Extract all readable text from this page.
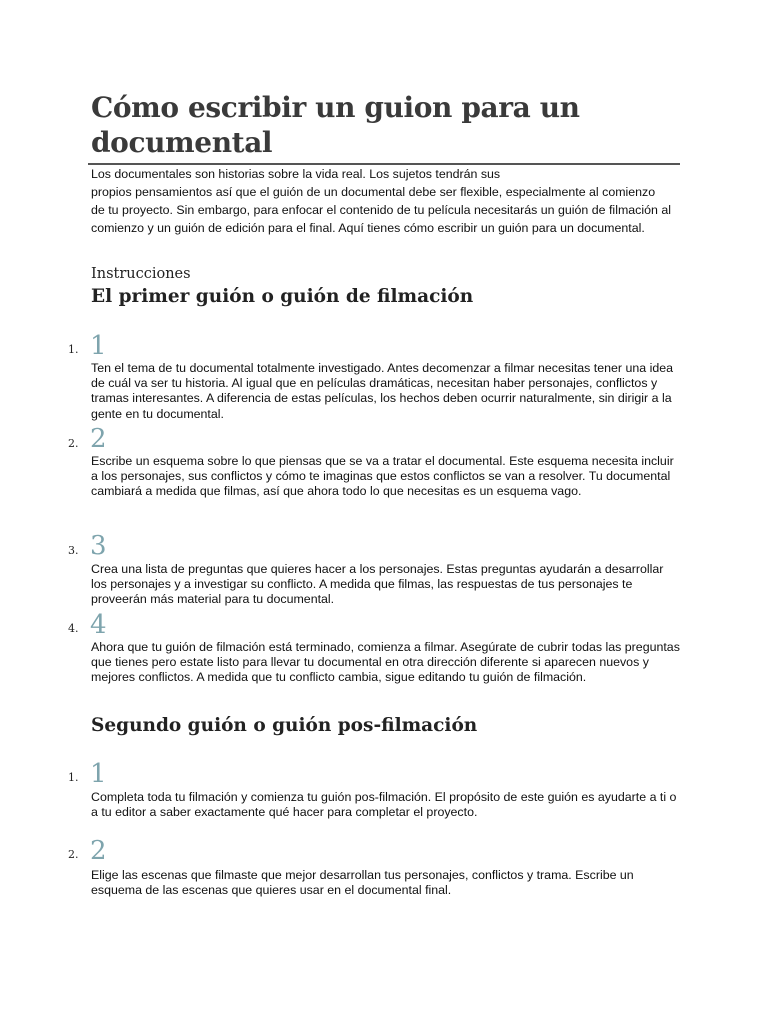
Cómo escribir un guion para un documental

Los documentales son historias sobre la vida real. Los sujetos tendrán sus
propios pensamientos así que el guión de un documental debe ser flexible, especialmente al comienzo de tu proyecto. Sin embargo, para enfocar el contenido de tu película necesitarás un guión de filmación al comienzo y un guión de edición para el final. Aquí tienes cómo escribir un guión para un documental.

Instrucciones
El primer guión o guión de filmación
1. 1

Ten el tema de tu documental totalmente investigado. Antes decomenzar a filmar necesitas tener una idea de cuál va ser tu historia. Al igual que en películas dramáticas, necesitan haber personajes, conflictos y tramas interesantes. A diferencia de estas películas, los hechos deben ocurrir naturalmente, sin dirigir a la gente en tu documental.

2. 2

Escribe un esquema sobre lo que piensas que se va a tratar el documental. Este esquema necesita incluir a los personajes, sus conflictos y cómo te imaginas que estos conflictos se van a resolver. Tu documental cambiará a medida que filmas, así que ahora todo lo que necesitas es un esquema vago.

3. 3

Crea una lista de preguntas que quieres hacer a los personajes. Estas preguntas ayudarán a desarrollar los personajes y a investigar su conflicto. A medida que filmas, las respuestas de tus personajes te proveerán más material para tu documental.

4. 4

Ahora que tu guión de filmación está terminado, comienza a filmar. Asegúrate de cubrir todas las preguntas que tienes pero estate listo para llevar tu documental en otra dirección diferente si aparecen nuevos y mejores conflictos. A medida que tu conflicto cambia, sigue editando tu guión de filmación.

Segundo guión o guión pos-filmación
1. 1

Completa toda tu filmación y comienza tu guión pos-filmación. El propósito de este guión es ayudarte a ti o a tu editor a saber exactamente qué hacer para completar el proyecto.

2. 2

Elige las escenas que filmaste que mejor desarrollan tus personajes, conflictos y trama. Escribe un esquema de las escenas que quieres usar en el documental final.
